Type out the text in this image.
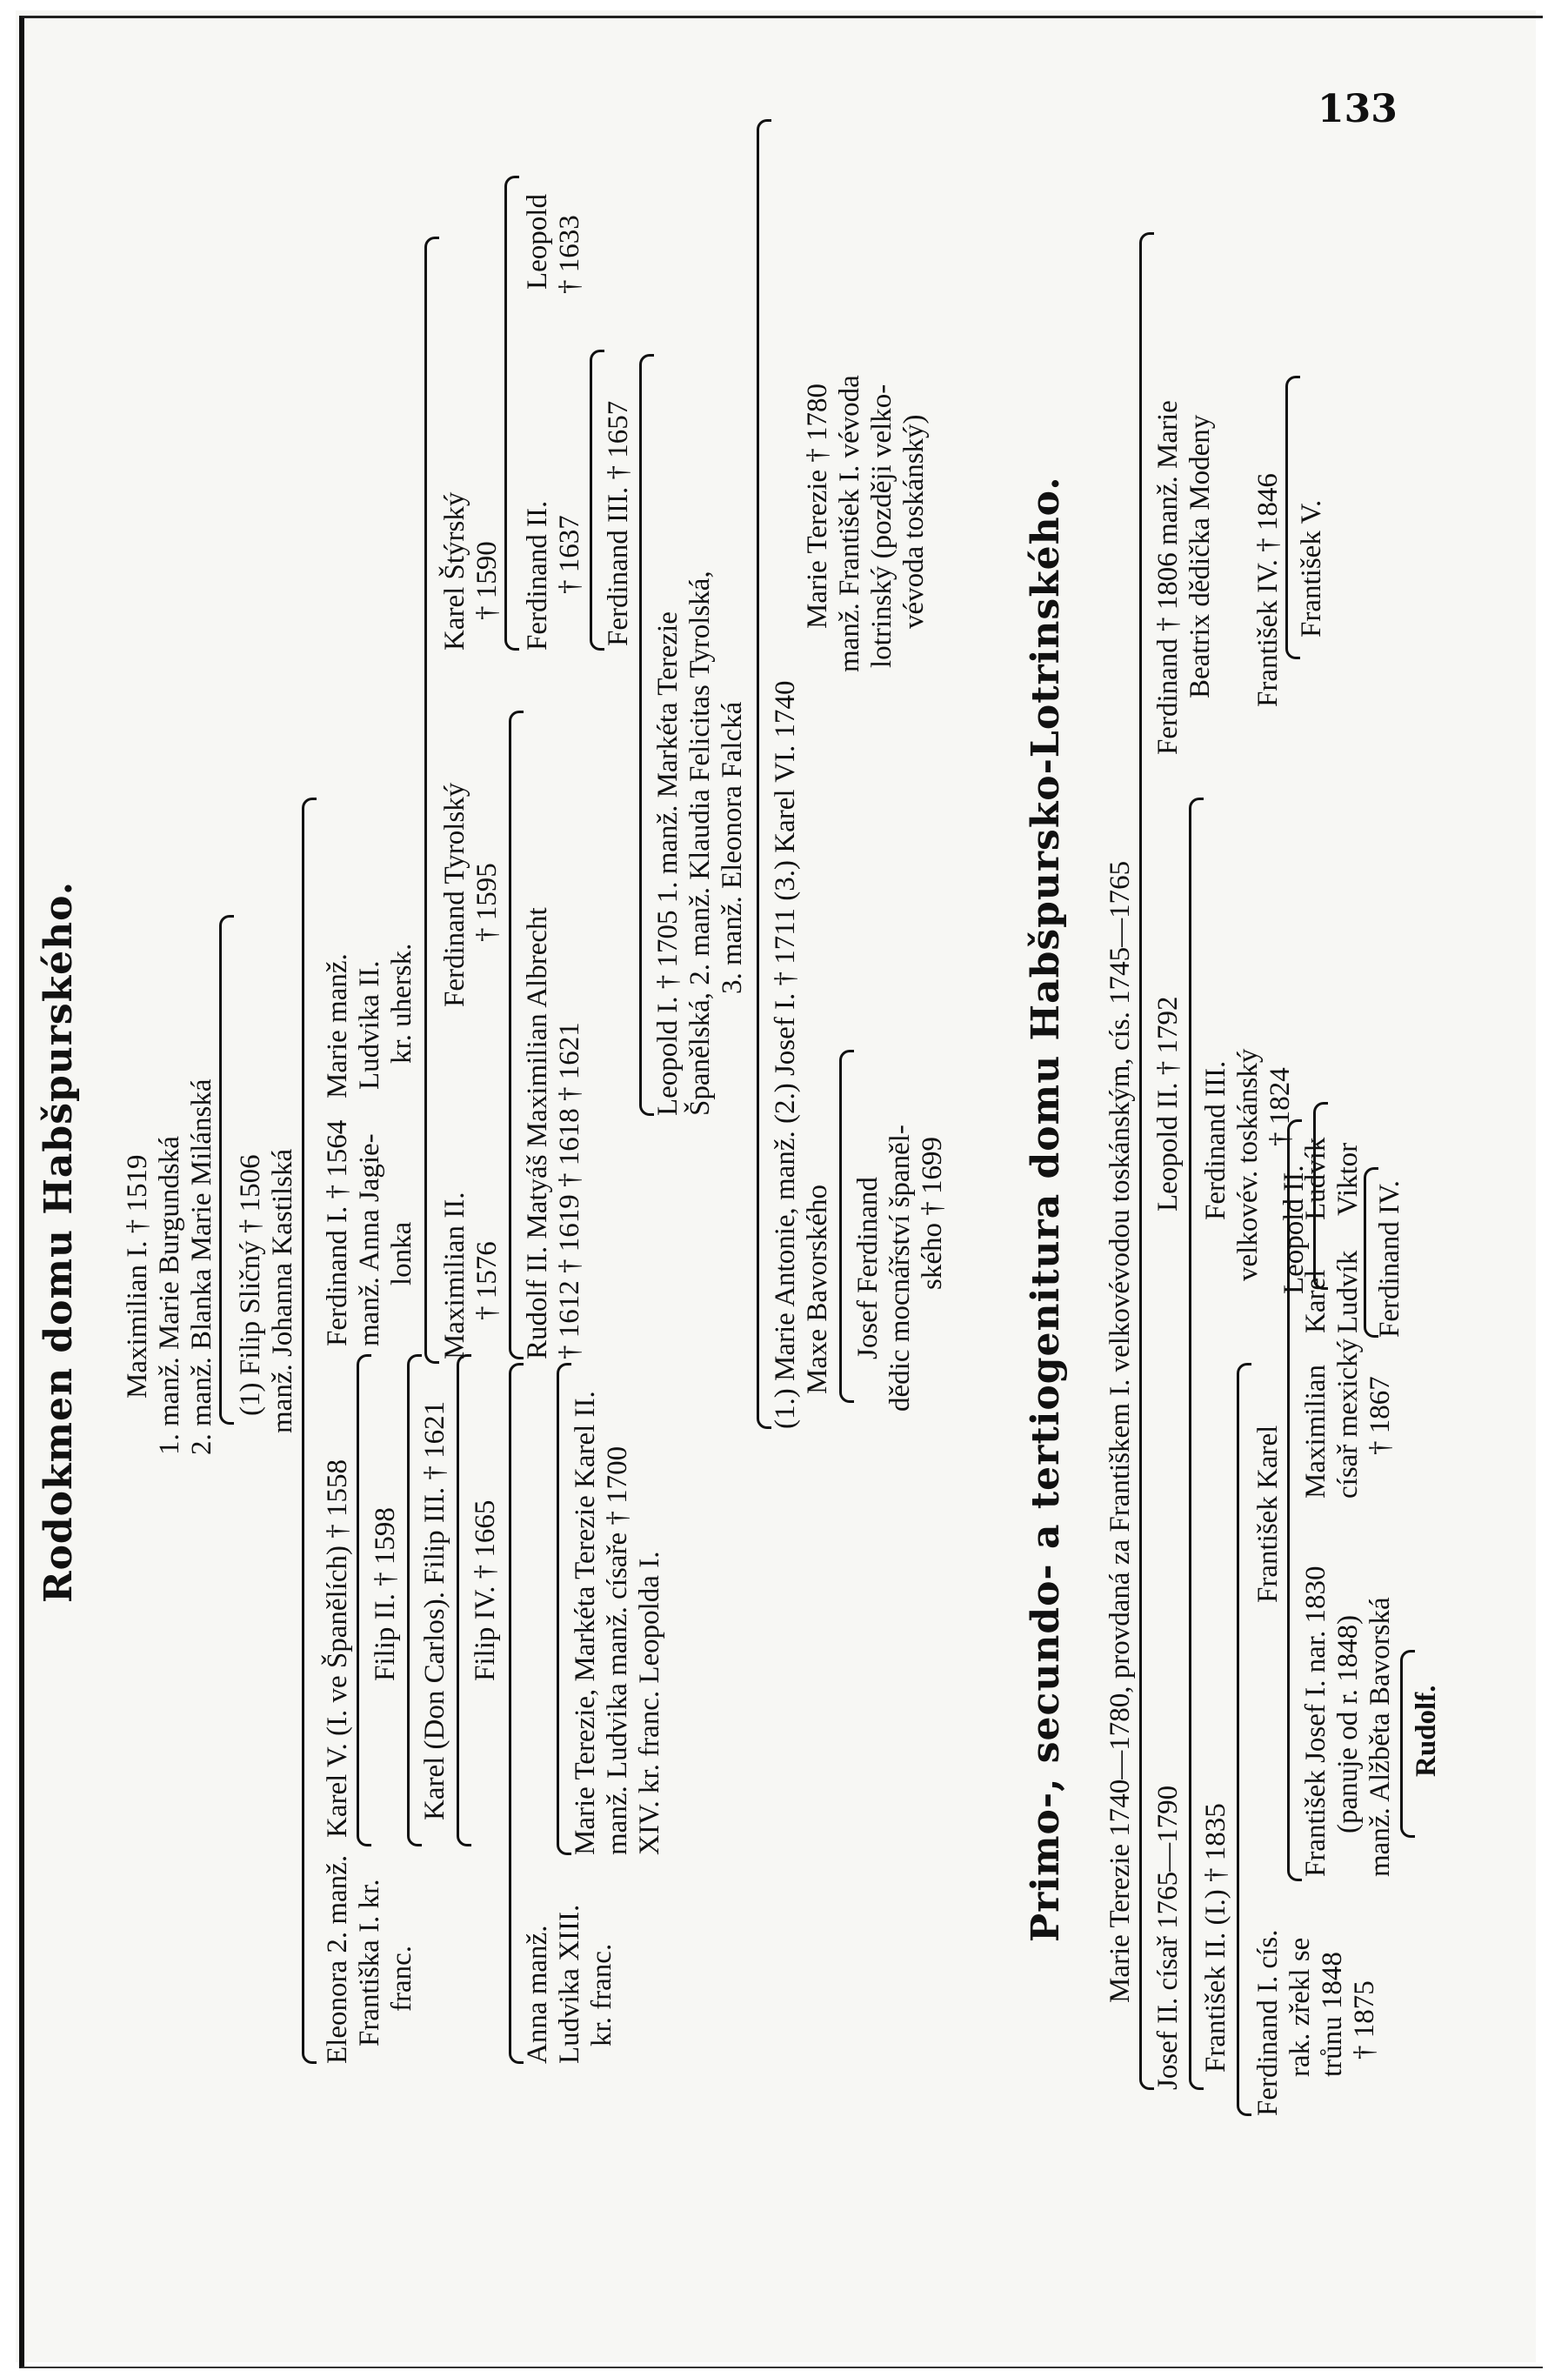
133
Rodokmen domu Habšpurského. Maximilian I. † 1519 1. manž. Marie Burgundská 2. manž. Blanka Marie Milánská (1) Filip Sličný † 1506 manž. Johanna Kastilská
Eleonora 2. manž. Františka I. kr. franc.
Karel V. (I. ve Španělích) † 1558
Ferdinand I. † 1564 manž. Anna Jagie- lonka
Marie manž. Ludvika II. kr. uhersk.
Filip II. † 1598 Karel (Don Carlos). Filip III. † 1621 Filip IV. † 1665
Maximilian II. † 1576
Ferdinand Tyrolský † 1595
Karel Štýrský † 1590
Anna manž. Ludvika XIII. kr. franc.
Marie Terezie, Markéta Terezie Karel II. manž. Ludvika manž. císaře † 1700 XIV. kr. franc. Leopolda I.
Rudolf II. Matyáš Maximilian Albrecht † 1612 † 1619 † 1618 † 1621
Ferdinand II. † 1637
Leopold † 1633
Ferdinand III. † 1657
Leopold I. † 1705 1. manž. Markéta Terezie Španělská, 2. manž. Klaudia Felicitas Tyrolská, 3. manž. Eleonora Falcká (1.) Marie Antonie, manž. (2.) Josef I. † 1711 (3.) Karel VI. 1740 Maxe Bavorského
Marie Terezie † 1780 manž. František I. vévoda lotrinský (později velko- vévoda toskánský)
Josef Ferdinand dědic mocnářství španěl- ského † 1699 Primo-, secundo- a tertiogenitura domu Habšpursko-Lotrinského. Marie Terezie 1740—1780, provdaná za Františkem I. velkovévodou toskánským, cís. 1745—1765 Josef II. císař 1765—1790
Leopold II. † 1792
Ferdinand † 1806 manž. Marie Beatrix dědička Modeny
František II. (I.) † 1835
Ferdinand III. velkovév. toskánský † 1824
František IV. † 1846 František V.
Leopold II.
František Karel
Ferdinand I. cís. rak. zřekl se trůnu 1848 † 1875
František Josef I. nar. 1830 (panuje od r. 1848) manž. Alžběta Bavorská
Maximilian císař mexický † 1867
Karel Ludvík
Ludvík Viktor
Ferdinand IV.
Rudolf.
